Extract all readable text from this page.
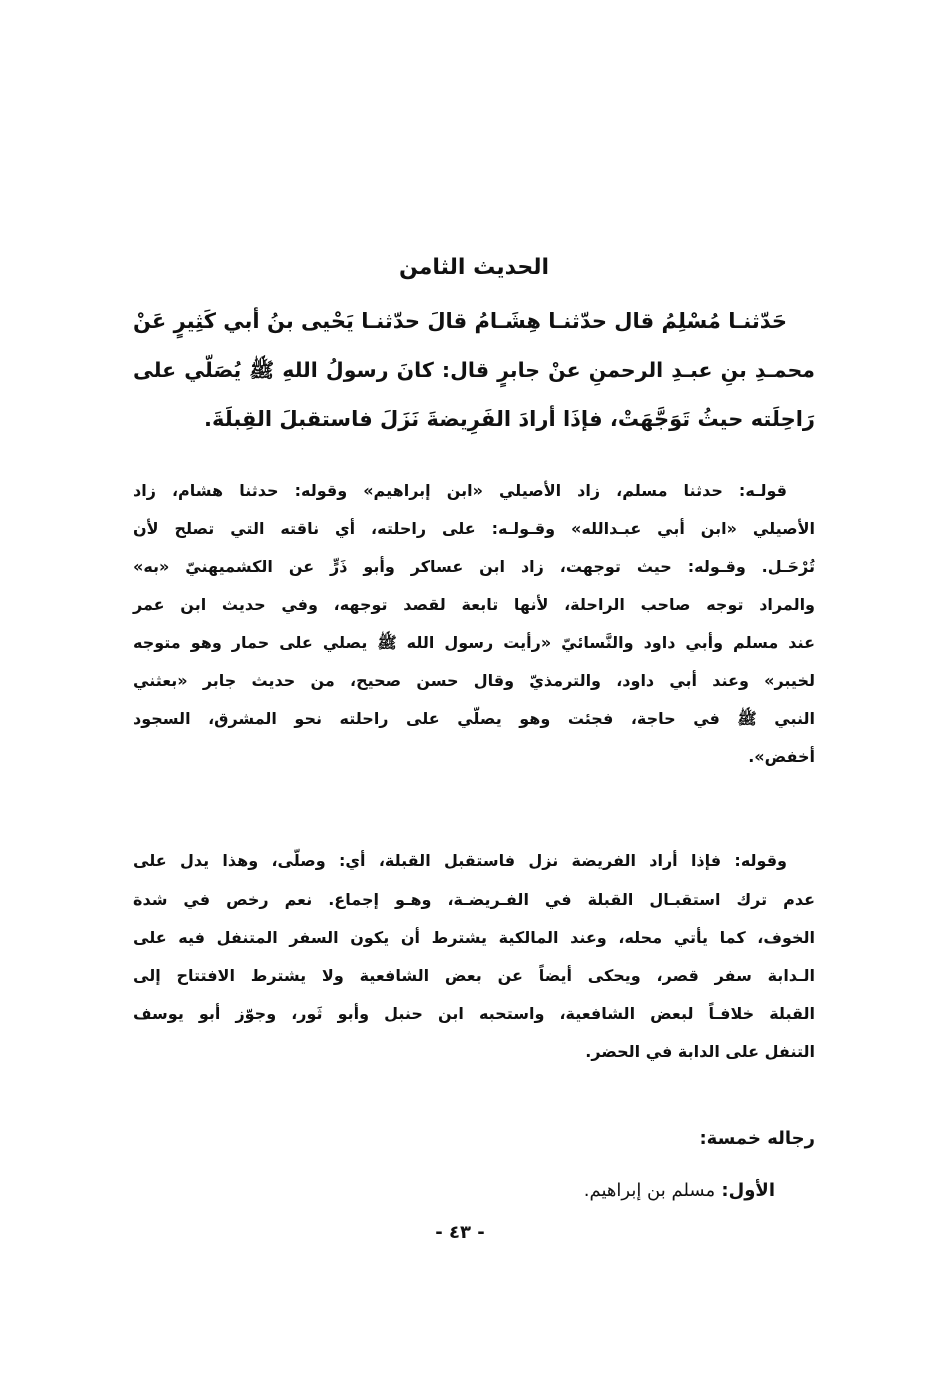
الحديث الثامن
حَدّثنـا مُسْلِمُ قال حدّثنـا هِشَـامُ قالَ حدّثنـا يَحْيى بنُ أبي كَثِيرٍ عَنْ
محمـدِ بنِ عبـدِ الرحمنِ عنْ جابرٍ قال: كانَ رسولُ اللهِ ﷺ يُصَلّي على
رَاحِلَته حيثُ تَوَجَّهَتْ، فإذَا أرادَ الفَرِيضةَ نَزَلَ فاستقبلَ القِبلَةَ.
قولـه: حدثنا مسلم، زاد الأصيلي «ابن إبراهيم» وقوله: حدثنا هشام، زاد
الأصيلي «ابن أبي عبـدالله» وقـولـه: على راحلته، أي ناقته التي تصلح لأن
تُرْحَـل. وقـوله: حيث توجهت، زاد ابن عساكر وأبو ذَرٍّ عن الكشميهنيّ «به»
والمراد توجه صاحب الراحلة، لأنها تابعة لقصد توجهه، وفي حديث ابن عمر
عند مسلم وأبي داود والنَّسائيّ «رأيت رسول الله ﷺ يصلي على حمار وهو متوجه
لخيبر» وعند أبي داود، والترمذيّ وقال حسن صحيح، من حديث جابر «بعثني
النبي ﷺ في حاجة، فجئت وهو يصلّي على راحلته نحو المشرق، السجود
أخفض».
وقوله: فإذا أراد الفريضة نزل فاستقبل القبلة، أي: وصلّى، وهذا يدل على
عدم ترك استقبـال القبلة في الفـريضـة، وهـو إجماع. نعم رخص في شدة
الخوف، كما يأتي محله، وعند المالكية يشترط أن يكون السفر المتنفل فيه على
الـدابة سفر قصر، ويحكى أيضاً عن بعض الشافعية ولا يشترط الافتتاح إلى
القبلة خلافـاً لبعض الشافعية، واستحبه ابن حنبل وأبو ثَور، وجوّز أبو يوسف
التنفل على الدابة في الحضر.
رجاله خمسة:
الأول: مسلم بن إبراهيم.
- ٤٣ -
